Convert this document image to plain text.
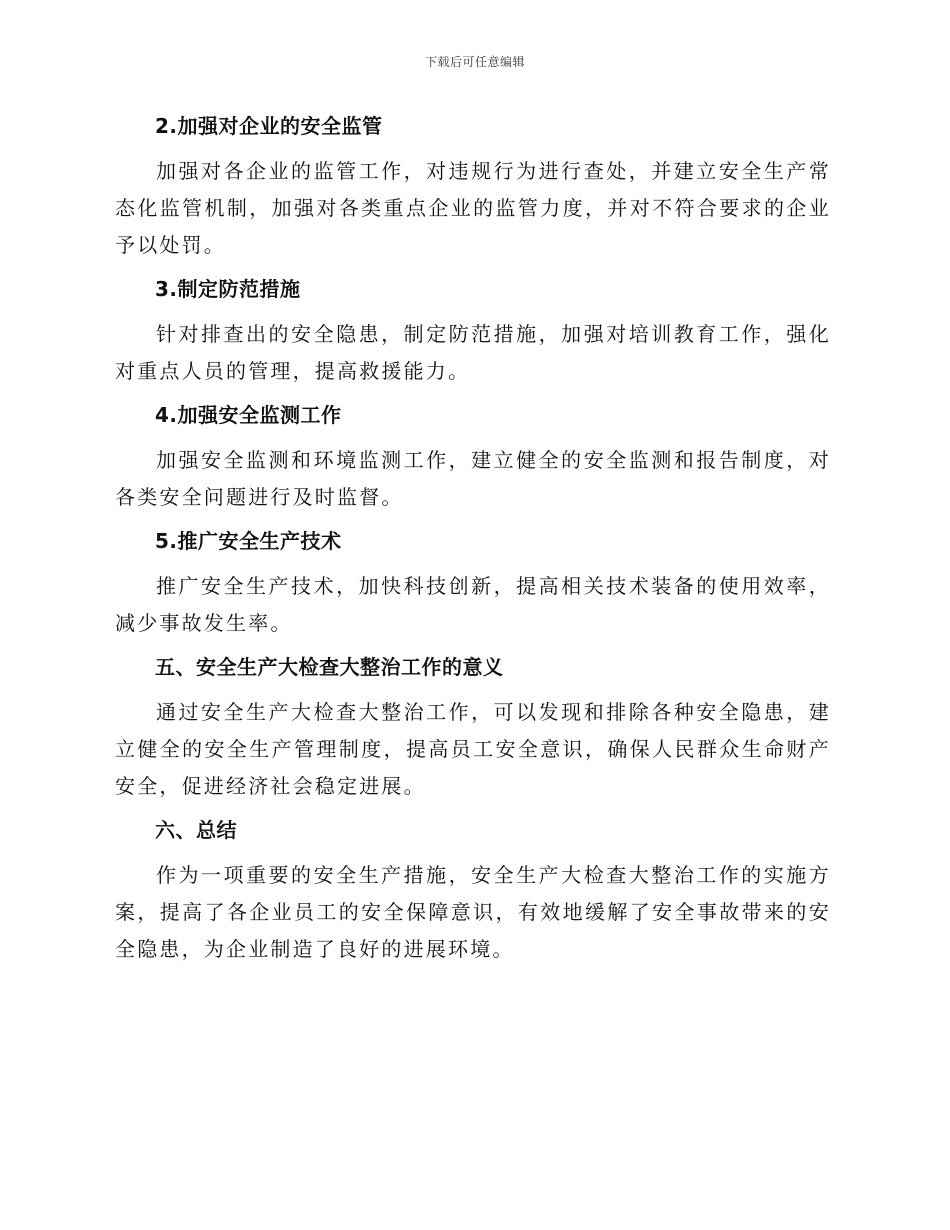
下载后可任意编辑
2.加强对企业的安全监管

加强对各企业的监管工作，对违规行为进行查处，并建立安全生产常态化监管机制，加强对各类重点企业的监管力度，并对不符合要求的企业予以处罚。

3.制定防范措施

针对排查出的安全隐患，制定防范措施，加强对培训教育工作，强化对重点人员的管理，提高救援能力。

4.加强安全监测工作

加强安全监测和环境监测工作，建立健全的安全监测和报告制度，对各类安全问题进行及时监督。

5.推广安全生产技术

推广安全生产技术，加快科技创新，提高相关技术装备的使用效率，减少事故发生率。

五、安全生产大检查大整治工作的意义

通过安全生产大检查大整治工作，可以发现和排除各种安全隐患，建立健全的安全生产管理制度，提高员工安全意识，确保人民群众生命财产安全，促进经济社会稳定进展。

六、总结

作为一项重要的安全生产措施，安全生产大检查大整治工作的实施方案，提高了各企业员工的安全保障意识，有效地缓解了安全事故带来的安全隐患，为企业制造了良好的进展环境。
